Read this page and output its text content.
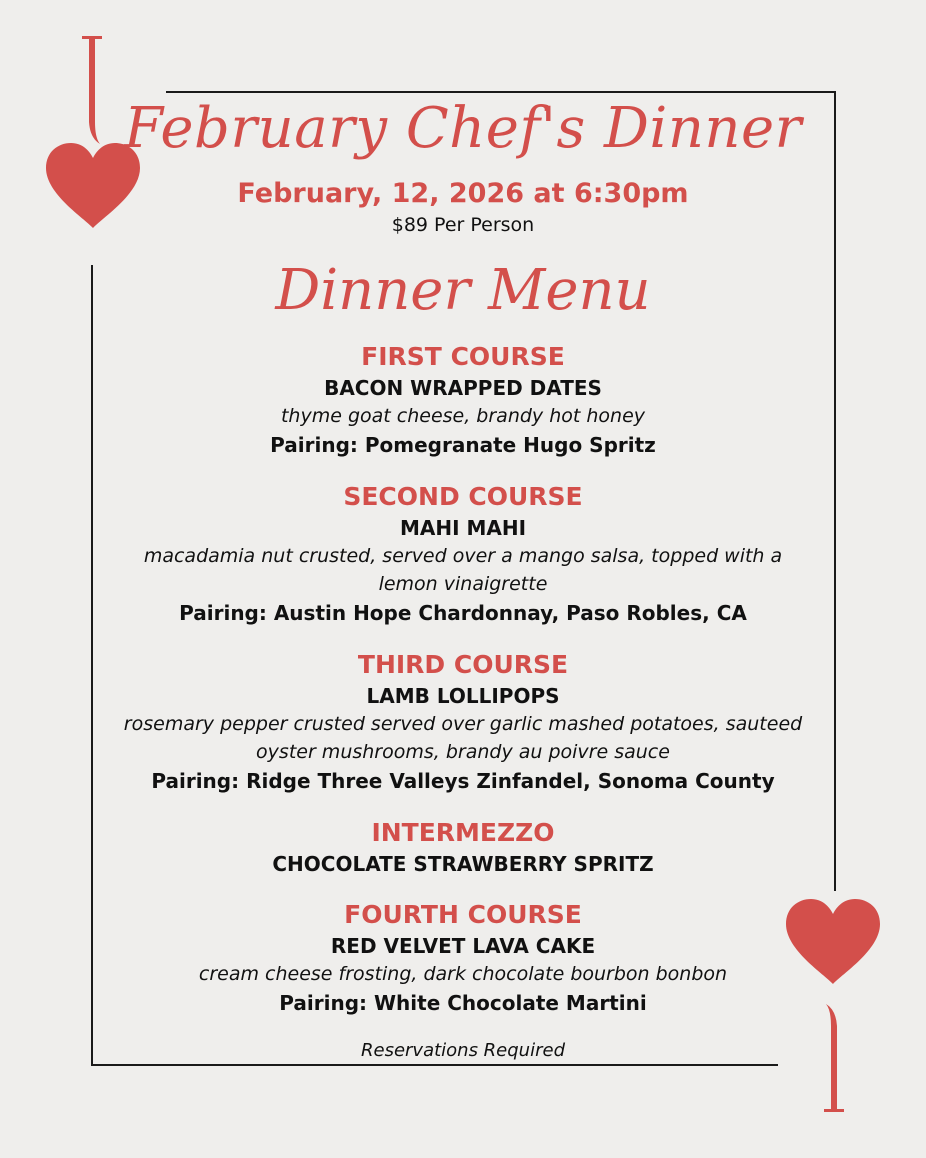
February Chef's Dinner
February, 12, 2026 at 6:30pm
$89 Per Person
Dinner Menu

FIRST COURSE

BACON WRAPPED DATES

thyme goat cheese, brandy hot honey

Pairing: Pomegranate Hugo Spritz

SECOND COURSE

MAHI MAHI

macadamia nut crusted, served over a mango salsa, topped with a lemon vinaigrette

Pairing: Austin Hope Chardonnay, Paso Robles, CA

THIRD COURSE

LAMB LOLLIPOPS

rosemary pepper crusted served over garlic mashed potatoes, sauteed oyster mushrooms, brandy au poivre sauce

Pairing: Ridge Three Valleys Zinfandel, Sonoma County

INTERMEZZO

CHOCOLATE STRAWBERRY SPRITZ

FOURTH COURSE

RED VELVET LAVA CAKE

cream cheese frosting, dark chocolate bourbon bonbon

Pairing: White Chocolate Martini

Reservations Required
